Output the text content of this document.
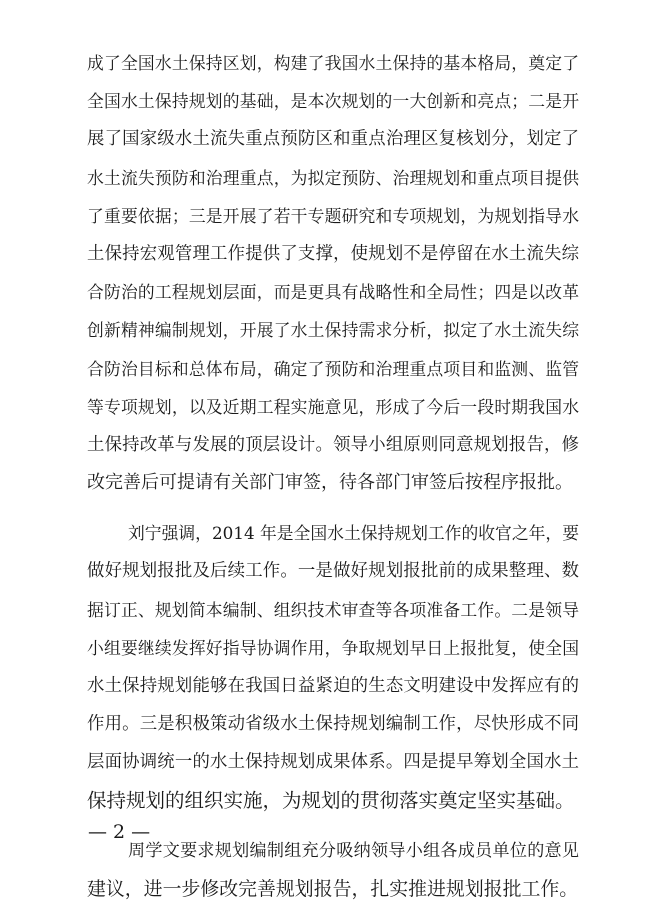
成了全国水土保持区划，构建了我国水土保持的基本格局，奠定了
全国水土保持规划的基础，是本次规划的一大创新和亮点；二是开
展了国家级水土流失重点预防区和重点治理区复核划分，划定了
水土流失预防和治理重点，为拟定预防、治理规划和重点项目提供
了重要依据；三是开展了若干专题研究和专项规划，为规划指导水
土保持宏观管理工作提供了支撑，使规划不是停留在水土流失综
合防治的工程规划层面，而是更具有战略性和全局性；四是以改革
创新精神编制规划，开展了水土保持需求分析，拟定了水土流失综
合防治目标和总体布局，确定了预防和治理重点项目和监测、监管
等专项规划，以及近期工程实施意见，形成了今后一段时期我国水
土保持改革与发展的顶层设计。领导小组原则同意规划报告，修
改完善后可提请有关部门审签，待各部门审签后按程序报批。
刘宁强调，2014 年是全国水土保持规划工作的收官之年，要
做好规划报批及后续工作。一是做好规划报批前的成果整理、数
据订正、规划简本编制、组织技术审查等各项准备工作。二是领导
小组要继续发挥好指导协调作用，争取规划早日上报批复，使全国
水土保持规划能够在我国日益紧迫的生态文明建设中发挥应有的
作用。三是积极策动省级水土保持规划编制工作，尽快形成不同
层面协调统一的水土保持规划成果体系。四是提早筹划全国水土
保持规划的组织实施，为规划的贯彻落实奠定坚实基础。
周学文要求规划编制组充分吸纳领导小组各成员单位的意见
建议，进一步修改完善规划报告，扎实推进规划报批工作。
— 2 —
